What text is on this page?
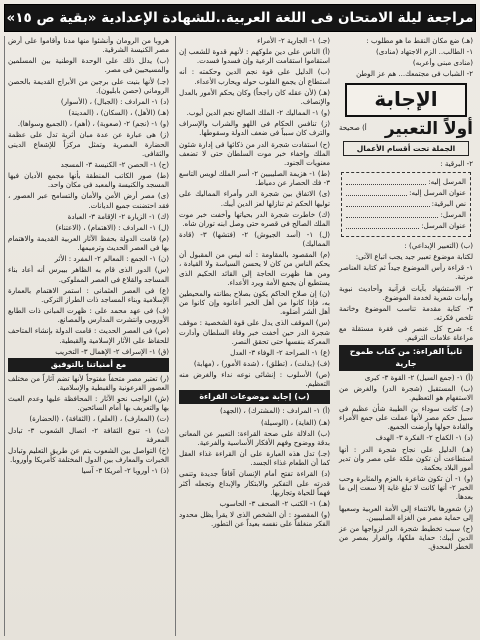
مراجعة ليلة الامتحان فى اللغة العربية..للشهادة الإعدادية «بقية ص ١٥»
(هـ) ضع مكان النقط ما هو مطلوب :
١- الطالب.. الزم الاجتهاد (منادى)
(منادى مبنى وأعربه)
٢- الشباب فى مجتمعك... هم عز الوطن
الإجابة
أولاً التعبير
أ) صحيحة
الجملة تحت أقسام الأعمال
٢- البرقية :
المرسل إليه:
عنوان المرسل إليه:
نص البرقية:
المرسل:
عنوان المرسل:
(ب) (التعبير الإبداعي) :
لكتابة موضوع تعبير جيد يجب اتباع الآتى:
١- قراءة رأس الموضوع جيداً ثم كتابة العناصر مرتبة.
٢- الاستشهاد بآيات قرآنية وأحاديث نبوية وأبيات شعرية لخدمة الموضوع.
٣- كتابة مقدمة تناسب الموضوع وخاتمة تلخص فكرته.
٤- شرح كل عنصر فى فقرة مستقلة مع مراعاة علامات الترقيم.
ثانياً القراءة: من كتاب طموح جارية
(أ) ١- (جمع السيل) ٢- القوة ٣- كبرى
(ب) المستقبل (شجرة الدر) والغرض من الاستفهام هو التعظيم.
(جـ) كانت سوداء بن الطيبة شأن عظيم فى سبيل حكم مصر لأنها عملت على جمع الأمراء والقادة حولها وأرضت الجميع.
(د) ١- الكفاح ٢- الفكرة ٣- الهدف
(هـ) الدليل على نجاح شجرة الدر : أنها استطاعت أن تكون ملكة على مصر وأن تدير أمور البلاد بحكمة.
(و) ١- أن تكون شاعرة بالعزم والمثابرة وحب الخير ٢- أنها كانت لا تبلغ غاية إلا سعت إلى ما بعدها.
(ز) شعورها بالانتماء إلى الأمة العربية وسعيها إلى حماية مصر من الغزاة الصليبيين.
(ح) سبب تخطيط شجرة الدر لزواجها من عز الدين أيبك: حماية ملكها، والفرار بمصر من الخطر المحدق.
(جـ) ١- الجارية ٢- الأمراء
(أ) الناس على دين ملوكهم : لأنهم قدوة للشعب إن استقاموا استقامت الرعية وإن فسدوا فسدت.
(ب) الدليل على قوة نجم الدين وحكمته : أنه استطاع أن يجمع القلوب حوله ويحارب الأعداء.
(هـ) (لأن عقله كان راجحاً) وكان يحكم الأمور بالعدل والإنصاف.
(و) ١- المماليك ٢- الملك الصالح نجم الدين أيوب.
(ز) تنافس الحكام فى اللهو والشراب والإسراف والترف كان سبباً فى ضعف الدولة وسقوطها.
(ح) استفادت شجرة الدر من ذكائها فى إدارة شئون الملك وإخفاء خبر موت السلطان حتى لا تضعف معنويات الجنود.
(ط) ١- هزيمة الصليبيين ٢- أسر الملك لويس التاسع ٣- فك الحصار عن دمياط.
(ى) الاتفاق بين شجرة الدر وأمراء المماليك على توليها الحكم ثم تنازلها لعز الدين أيبك.
(ك) خاطرت شجرة الدر بحياتها وأخفت خبر موت الملك الصالح فى قصره حتى وصل ابنه توران شاه.
(ل) ١- (أسد الجيوش) ٢- (فتشها) ٣- (قادة المماليك)
(م) المقصود بالمقاومة : أنه ليس من المقبول أن يحكم الناس من كان لا يحسن السياسة ولا القيادة ، ومن هنا ظهرت الحاجة إلى القائد الحكيم الذى يستطيع أن يجمع الأمة ويرد الأعداء.
(ن) إن صلاح الحاكم يكون بصلاح بطانته والمحيطين به، فإذا كانوا من أهل الخير أعانوه وإن كانوا من أهل الشر أضلوه.
(س) الموقف الذى يدل على قوة الشخصية : موقف شجرة الدر حين أخفت خبر وفاة السلطان وأدارت المعركة بنفسها حتى تحقق النصر.
(ع) ١- الصراحة ٢- الوفاء ٣- العدل
(ف) (بذلت) ، (تطلق) ، (شدة الأمور) ، (مهابة)
(ص) الأسلوب : إنشائى نوعه نداء والغرض منه التعظيم.
(ب) إجابة موضوعات القراءة
(أ) ١- المرادف : (المشترك) ، (الجهد)
(هـ) (الغاية) ، (الوسيلة)
(ب) الدلالة على صحة القراءة: التعبير عن المعانى بدقة ووضوح وفهم الأفكار الأساسية والفرعية.
(جـ) تدل هذه العبارة على أن القراءة غذاء العقل كما أن الطعام غذاء الجسد.
(د) القراءة تفتح أمام الإنسان آفاقاً جديدة وتنمى قدرته على التفكير والابتكار والإبداع وتجعله أكثر فهماً للحياة وتجاربها.
(هـ) ١- الكتب ٢- الصحف ٣- الحاسوب
(و) المقصود : أن الشخص الذى لا يقرأ يظل محدود الفكر منغلقاً على نفسه بعيداً عن التطور.
هروبا من الرومان وأنشئوا منها مدنا وأقاموا على أرض مصر الكنيسة الشرقية.
(ب) يدلل ذلك على الوحدة الوطنية بين المسلمين والمسيحيين فى مصر.
(جـ) لأنها بنيت على برجين من الأبراج القديمة بالحصن الروماني (حصن بابليون).
(د) ١- المرادف : (الجبال) ، (الأسوار)
(هـ) (الأهل) ، (السكان) ، (المدينة)
(و) ١- (نجم) ٢- (صعوبة) ، (أهم) ، (الجميع وسواها).
(ز) هى عبارة عن عدة مبان أثرية تدل على عظمة الحضارة المصرية وتمثل مركزاً للإشعاع الدينى والثقافى.
(ح) ١- الحصن ٢- الكنيسة ٣- المسجد
(ط) صور الكاتب المنطقة بأنها مجمع الأديان فيها المسجد والكنيسة والمعبد فى مكان واحد.
(ى) مصر أرض الأمن والأمان والتسامح عبر العصور ، فقد احتضنت جميع الديانات.
(ك) ١- الزيارة ٢- الإقامة ٣- العبادة
(ل) ١- المرادف : (الاهتمام) ، (الاعتناء)
(م) قامت الدولة بحفظ الآثار العربية القديمة والاهتمام بها فى العصر الحديث وترميمها.
(ن) ١- الجمع : المعالم ٢- المفرد : الأثر
(س) الدور الذى قام به الظاهر بيبرس أنه أعاد بناء المساجد والقلاع فى العصر المملوكى.
(ع) فى العصر العثمانى : استمر الاهتمام بالعمارة الإسلامية وبناء المساجد ذات الطراز التركى.
(ف) فى عهد محمد على : ظهرت المبانى ذات الطابع الأوروبى وانتشرت المدارس والمصانع.
(ص) فى العصر الحديث : قامت الدولة بإنشاء المتاحف للحفاظ على الآثار الإسلامية والقبطية.
(ق) ١- الإسراف ٢- الإهمال ٣- التخريب
مع أمنياتنا بالتوفيق
(ر) تعتبر مصر متحفاً مفتوحاً لأنها تضم آثاراً من مختلف العصور الفرعونية والقبطية والإسلامية.
(ش) الواجب نحو الآثار : المحافظة عليها وعدم العبث بها والتعريف بها أمام السائحين.
(ت) (المعارف) ، (العلم) ، (الثقافة) ، (الحضارة)
(ث) ١- تنوع الثقافة ٢- اتصال الشعوب ٣- تبادل المعرفة
(خ) التواصل بين الشعوب يتم عن طريق التعليم وتبادل الخبرات والمعارف بين الدول المختلفة كأمريكا وأوروبا.
(ذ) ١- أوروبا ٢- أمريكا ٣- آسيا
